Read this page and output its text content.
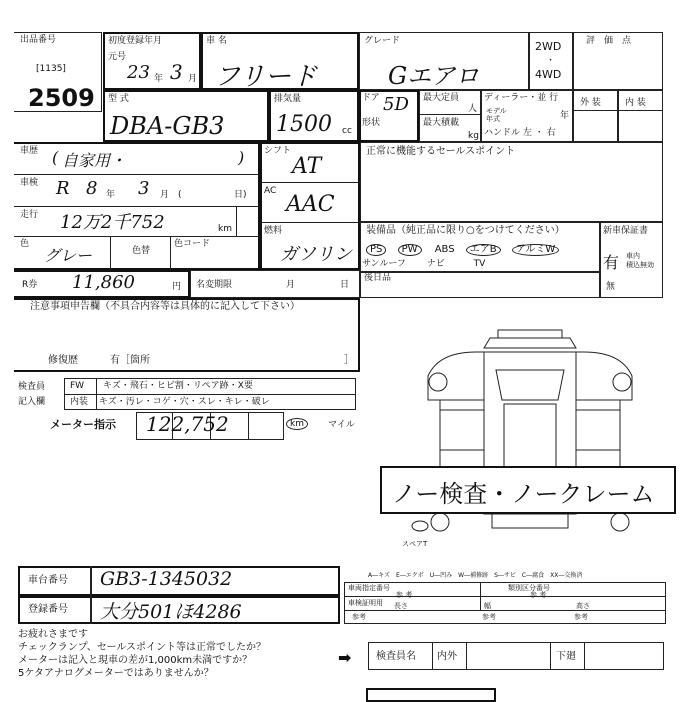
出品番号
[1135]
2509
初度登録年月
元号
23 年 3 月
車 名
フリード
グレード
Gエアロ
2WD
・
4WD
評　価　点
型 式
DBA-GB3
排気量
1500 cc
ドア 5D
形状
最大定員
人
最大積載
kg
ディーラー・並 行
モデル
年式	年
ハンドル 左 ・ 右
外 装	内 装
車歴 ( 自家用・	)
車検 R 8 年 3 月 (	日)
走行 12万2千752	km
色
グレー	色替
色コード
シフト
AT
AC
AAC
燃料
ガソリン
正常に機能するセールスポイント
装備品（純正品に限り○をつけてください）
PS PW ABS エアB アルミW
サンルーフ ナビ	TV
新車保証書
有 車内
積込無効
無
後日品
R券 11,860	円 名変期限	月	日
注意事項申告欄（不具合内容等は具体的に記入して下さい）
修復歴	有［箇所	］
検査員
記入欄
FW キズ・飛石・ヒビ割・リペア跡・X要
内装 キズ・汚レ・コゲ・穴・スレ・キレ・破レ
メーター指示 122,752	km	マイル
スペアT
ノー検査・ノークレーム
車台番号 GB3-1345032
登録番号 大分501ほ4286
A―キズ　E―エクボ　U―凹み　W―補修跡　S―サビ　C―腐食　XX―交換済
車両指定番号
参 考
類別区分番号
参 考
車検証明用 長さ	幅	高さ
参考	参考	参考
お疲れさまです
チェックランプ、セールスポイント等は正常でしたか？
メーターは記入と現車の差が1,000km未満ですか？
5ケタアナログメーターではありませんか？
➡ 検査員名 内外	下廻
